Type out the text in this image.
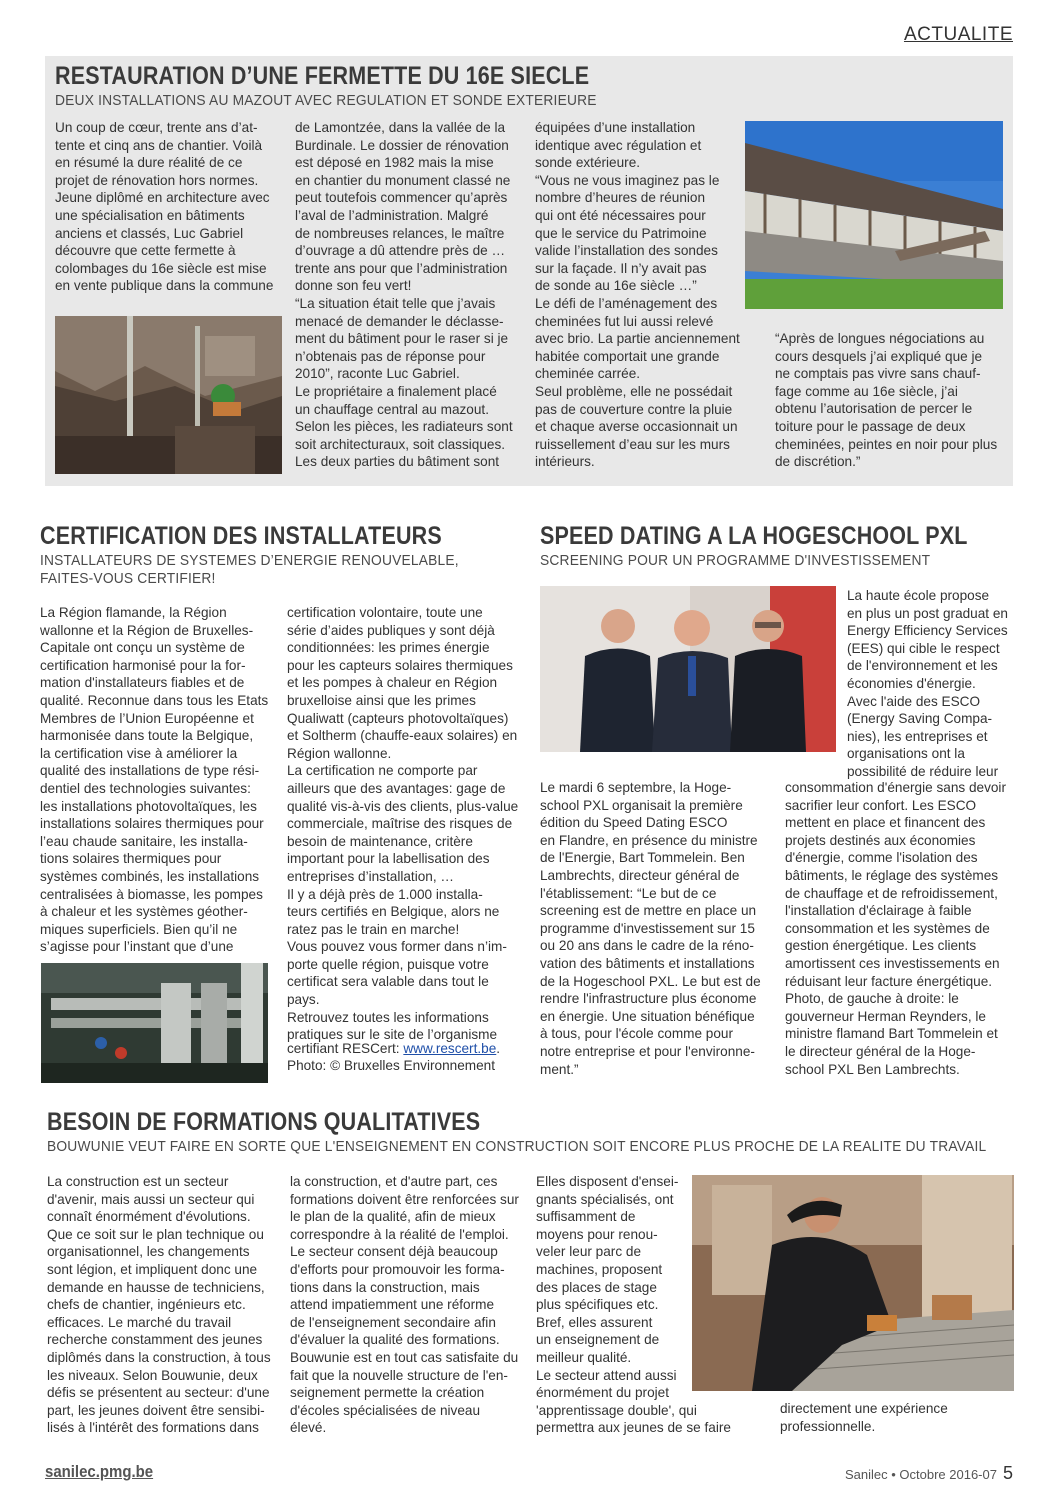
ACTUALITE
RESTAURATION D’UNE FERMETTE DU 16E SIECLE
DEUX INSTALLATIONS AU MAZOUT AVEC REGULATION ET SONDE EXTERIEURE
Un coup de cœur, trente ans d’at-
tente et cinq ans de chantier. Voilà
en résumé la dure réalité de ce
projet de rénovation hors normes.
Jeune diplômé en architecture avec
une spécialisation en bâtiments
anciens et classés, Luc Gabriel
découvre que cette fermette à
colombages du 16e siècle est mise
en vente publique dans la commune
de Lamontzée, dans la vallée de la
Burdinale. Le dossier de rénovation
est déposé en 1982 mais la mise
en chantier du monument classé ne
peut toutefois commencer qu’après
l’aval de l’administration. Malgré
de nombreuses relances, le maître
d’ouvrage a dû attendre près de …
trente ans pour que l’administration
donne son feu vert!
“La situation était telle que j’avais
menacé de demander le déclasse-
ment du bâtiment pour le raser si je
n’obtenais pas de réponse pour
2010”, raconte Luc Gabriel.
Le propriétaire a finalement placé
un chauffage central au mazout.
Selon les pièces, les radiateurs sont
soit architecturaux, soit classiques.
Les deux parties du bâtiment sont
équipées d’une installation
identique avec régulation et
sonde extérieure.
“Vous ne vous imaginez pas le
nombre d’heures de réunion
qui ont été nécessaires pour
que le service du Patrimoine
valide l’installation des sondes
sur la façade. Il n’y avait pas
de sonde au 16e siècle …”
Le défi de l’aménagement des
cheminées fut lui aussi relevé
avec brio. La partie anciennement
habitée comportait une grande
cheminée carrée.
Seul problème, elle ne possédait
pas de couverture contre la pluie
et chaque averse occasionnait un
ruissellement d’eau sur les murs
intérieurs.
“Après de longues négociations au
cours desquels j’ai expliqué que je
ne comptais pas vivre sans chauf-
fage comme au 16e siècle, j’ai
obtenu l’autorisation de percer le
toiture pour le passage de deux
cheminées, peintes en noir pour plus
de discrétion.”
CERTIFICATION DES INSTALLATEURS
INSTALLATEURS DE SYSTEMES D’ENERGIE RENOUVELABLE,
FAITES-VOUS CERTIFIER!
La Région flamande, la Région
wallonne et la Région de Bruxelles-
Capitale ont conçu un système de
certification harmonisé pour la for-
mation d'installateurs fiables et de
qualité. Reconnue dans tous les Etats
Membres de l’Union Européenne et
harmonisée dans toute la Belgique,
la certification vise à améliorer la
qualité des installations de type rési-
dentiel des technologies suivantes:
les installations photovoltaïques, les
installations solaires thermiques pour
l’eau chaude sanitaire, les installa-
tions solaires thermiques pour
systèmes combinés, les installations
centralisées à biomasse, les pompes
à chaleur et les systèmes géother-
miques superficiels. Bien qu’il ne
s’agisse pour l’instant que d’une
certification volontaire, toute une
série d’aides publiques y sont déjà
conditionnées: les primes énergie
pour les capteurs solaires thermiques
et les pompes à chaleur en Région
bruxelloise ainsi que les primes
Qualiwatt (capteurs photovoltaïques)
et Soltherm (chauffe-eaux solaires) en
Région wallonne.
La certification ne comporte par
ailleurs que des avantages: gage de
qualité vis-à-vis des clients, plus-value
commerciale, maîtrise des risques de
besoin de maintenance, critère
important pour la labellisation des
entreprises d’installation, …
Il y a déjà près de 1.000 installa-
teurs certifiés en Belgique, alors ne
ratez pas le train en marche!
Vous pouvez vous former dans n’im-
porte quelle région, puisque votre
certificat sera valable dans tout le
pays.
Retrouvez toutes les informations
pratiques sur le site de l’organisme
certifiant RESCert: www.rescert.be.
Photo: © Bruxelles Environnement
SPEED DATING A LA HOGESCHOOL PXL
SCREENING POUR UN PROGRAMME D'INVESTISSEMENT
La haute école propose
en plus un post graduat en
Energy Efficiency Services
(EES) qui cible le respect
de l'environnement et les
économies d'énergie.
Avec l'aide des ESCO
(Energy Saving Compa-
nies), les entreprises et
organisations ont la
possibilité de réduire leur
Le mardi 6 septembre, la Hoge-
school PXL organisait la première
édition du Speed Dating ESCO
en Flandre, en présence du ministre
de l'Energie, Bart Tommelein. Ben
Lambrechts, directeur général de
l'établissement: “Le but de ce
screening est de mettre en place un
programme d'investissement sur 15
ou 20 ans dans le cadre de la réno-
vation des bâtiments et installations
de la Hogeschool PXL. Le but est de
rendre l'infrastructure plus économe
en énergie. Une situation bénéfique
à tous, pour l'école comme pour
notre entreprise et pour l'environne-
ment.”
consommation d'énergie sans devoir
sacrifier leur confort. Les ESCO
mettent en place et financent des
projets destinés aux économies
d'énergie, comme l'isolation des
bâtiments, le réglage des systèmes
de chauffage et de refroidissement,
l'installation d'éclairage à faible
consommation et les systèmes de
gestion énergétique. Les clients
amortissent ces investissements en
réduisant leur facture énergétique.
Photo, de gauche à droite: le
gouverneur Herman Reynders, le
ministre flamand Bart Tommelein et
le directeur général de la Hoge-
school PXL Ben Lambrechts.
BESOIN DE FORMATIONS QUALITATIVES
BOUWUNIE VEUT FAIRE EN SORTE QUE L'ENSEIGNEMENT EN CONSTRUCTION SOIT ENCORE PLUS PROCHE DE LA REALITE DU TRAVAIL
La construction est un secteur
d'avenir, mais aussi un secteur qui
connaît énormément d'évolutions.
Que ce soit sur le plan technique ou
organisationnel, les changements
sont légion, et impliquent donc une
demande en hausse de techniciens,
chefs de chantier, ingénieurs etc.
efficaces. Le marché du travail
recherche constamment des jeunes
diplômés dans la construction, à tous
les niveaux. Selon Bouwunie, deux
défis se présentent au secteur: d'une
part, les jeunes doivent être sensibi-
lisés à l'intérêt des formations dans
la construction, et d'autre part, ces
formations doivent être renforcées sur
le plan de la qualité, afin de mieux
correspondre à la réalité de l'emploi.
Le secteur consent déjà beaucoup
d'efforts pour promouvoir les forma-
tions dans la construction, mais
attend impatiemment une réforme
de l'enseignement secondaire afin
d'évaluer la qualité des formations.
Bouwunie est en tout cas satisfaite du
fait que la nouvelle structure de l'en-
seignement permette la création
d'écoles spécialisées de niveau
élevé.
Elles disposent d'ensei-
gnants spécialisés, ont
suffisamment de
moyens pour renou-
veler leur parc de
machines, proposent
des places de stage
plus spécifiques etc.
Bref, elles assurent
un enseignement de
meilleur qualité.
Le secteur attend aussi
énormément du projet
'apprentissage double', qui
permettra aux jeunes de se faire
directement une expérience
professionnelle.
sanilec.pmg.be	Sanilec • Octobre 2016-07 5
